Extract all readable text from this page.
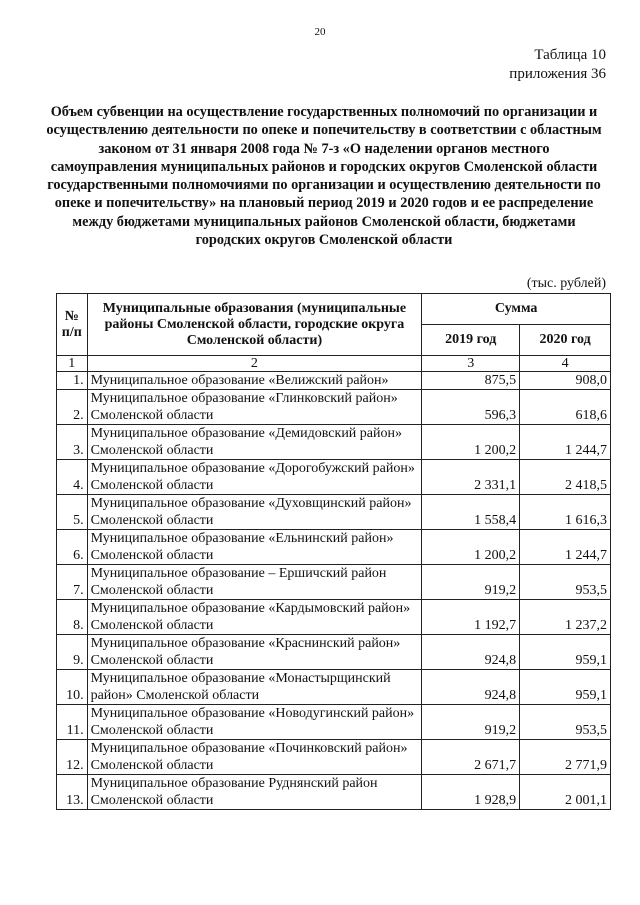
20
Таблица 10
приложения 36
Объем субвенции на осуществление государственных полномочий по организации и осуществлению деятельности по опеке и попечительству в соответствии с областным законом от 31 января 2008 года № 7-з «О наделении органов местного самоуправления муниципальных районов и городских округов Смоленской области государственными полномочиями по организации и осуществлению деятельности по опеке и попечительству» на плановый период 2019 и 2020 годов и ее распределение между бюджетами муниципальных районов Смоленской области, бюджетами городских округов Смоленской области
(тыс. рублей)
№ п/п	Муниципальные образования (муниципальные районы Смоленской области, городские округа Смоленской области)	Сумма	
		2019 год	2020 год
1	2	3	4
1.	Муниципальное образование «Велижский район»	875,5	908,0
2.	Муниципальное образование «Глинковский район» Смоленской области	596,3	618,6
3.	Муниципальное образование «Демидовский район» Смоленской области	1 200,2	1 244,7
4.	Муниципальное образование «Дорогобужский район» Смоленской области	2 331,1	2 418,5
5.	Муниципальное образование «Духовщинский район» Смоленской области	1 558,4	1 616,3
6.	Муниципальное образование «Ельнинский район» Смоленской области	1 200,2	1 244,7
7.	Муниципальное образование – Ершичский район Смоленской области	919,2	953,5
8.	Муниципальное образование «Кардымовский район» Смоленской области	1 192,7	1 237,2
9.	Муниципальное образование «Краснинский район» Смоленской области	924,8	959,1
10.	Муниципальное образование «Монастырщинский район» Смоленской области	924,8	959,1
11.	Муниципальное образование «Новодугинский район» Смоленской области	919,2	953,5
12.	Муниципальное образование «Починковский район» Смоленской области	2 671,7	2 771,9
13.	Муниципальное образование Руднянский район Смоленской области	1 928,9	2 001,1
